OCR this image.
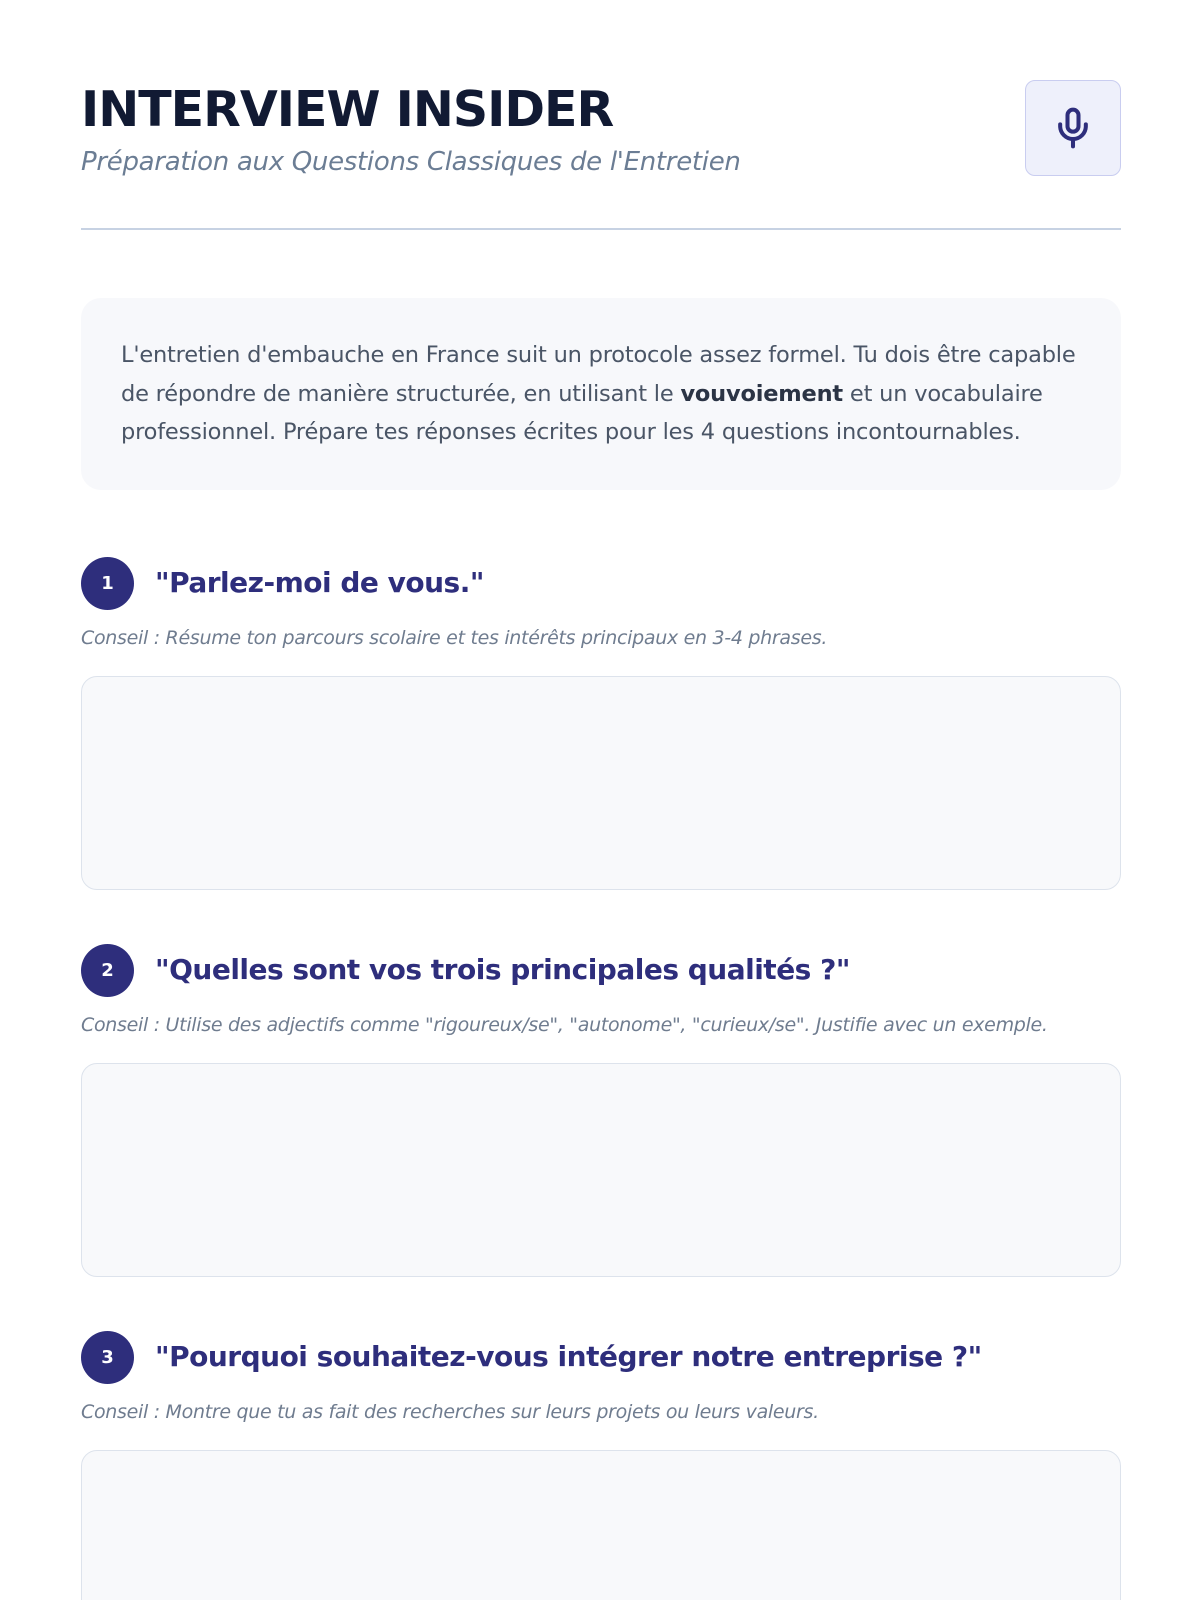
INTERVIEW INSIDER

Préparation aux Questions Classiques de l'Entretien

L'entretien d'embauche en France suit un protocole assez formel. Tu dois être capable de répondre de manière structurée, en utilisant le vouvoiement et un vocabulaire professionnel. Prépare tes réponses écrites pour les 4 questions incontournables.
1	"Parlez-moi de vous."

Conseil : Résume ton parcours scolaire et tes intérêts principaux en 3-4 phrases.

2	"Quelles sont vos trois principales qualités ?"

Conseil : Utilise des adjectifs comme "rigoureux/se", "autonome", "curieux/se". Justifie avec un exemple.

3	"Pourquoi souhaitez-vous intégrer notre entreprise ?"

Conseil : Montre que tu as fait des recherches sur leurs projets ou leurs valeurs.
